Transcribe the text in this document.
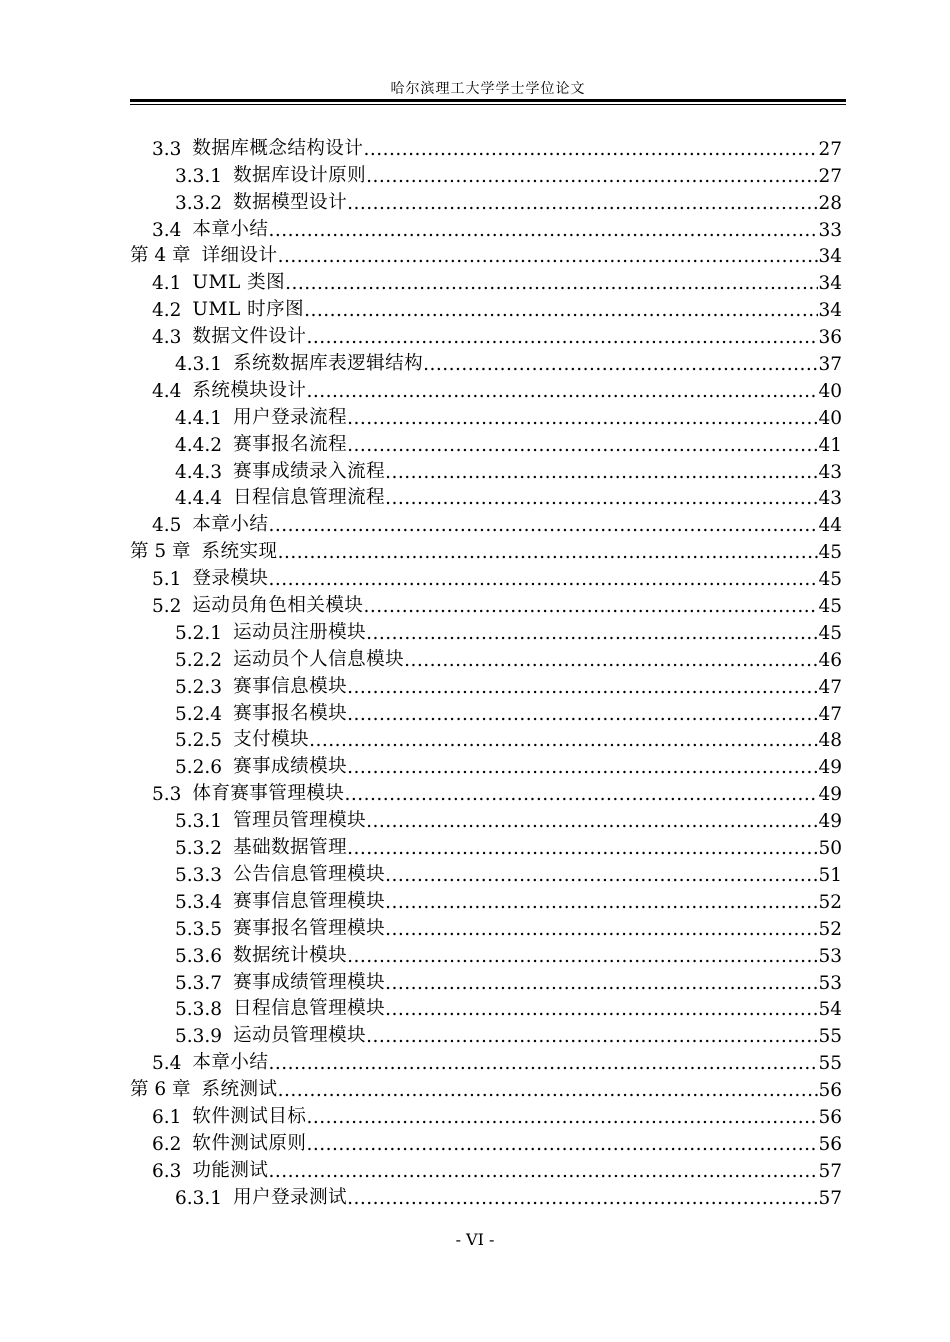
哈尔滨理工大学学士学位论文
3.3 数据库概念结构设计 .....	27
3.3.1 数据库设计原则 .....	27
3.3.2 数据模型设计 .....	28
3.4 本章小结 .....	33
第 4 章 详细设计 .....	34
4.1 UML 类图 .....	34
4.2 UML 时序图 .....	34
4.3 数据文件设计 .....	36
4.3.1 系统数据库表逻辑结构 .....	37
4.4 系统模块设计 .....	40
4.4.1 用户登录流程 .....	40
4.4.2 赛事报名流程 .....	41
4.4.3 赛事成绩录入流程 .....	43
4.4.4 日程信息管理流程 .....	43
4.5 本章小结 .....	44
第 5 章 系统实现 .....	45
5.1 登录模块 .....	45
5.2 运动员角色相关模块 .....	45
5.2.1 运动员注册模块 .....	45
5.2.2 运动员个人信息模块 .....	46
5.2.3 赛事信息模块 .....	47
5.2.4 赛事报名模块 .....	47
5.2.5 支付模块 .....	48
5.2.6 赛事成绩模块 .....	49
5.3 体育赛事管理模块 .....	49
5.3.1 管理员管理模块 .....	49
5.3.2 基础数据管理 .....	50
5.3.3 公告信息管理模块 .....	51
5.3.4 赛事信息管理模块 .....	52
5.3.5 赛事报名管理模块 .....	52
5.3.6 数据统计模块 .....	53
5.3.7 赛事成绩管理模块 .....	53
5.3.8 日程信息管理模块 .....	54
5.3.9 运动员管理模块 .....	55
5.4 本章小结 .....	55
第 6 章 系统测试 .....	56
6.1 软件测试目标 .....	56
6.2 软件测试原则 .....	56
6.3 功能测试 .....	57
6.3.1 用户登录测试 .....	57
- VI -
